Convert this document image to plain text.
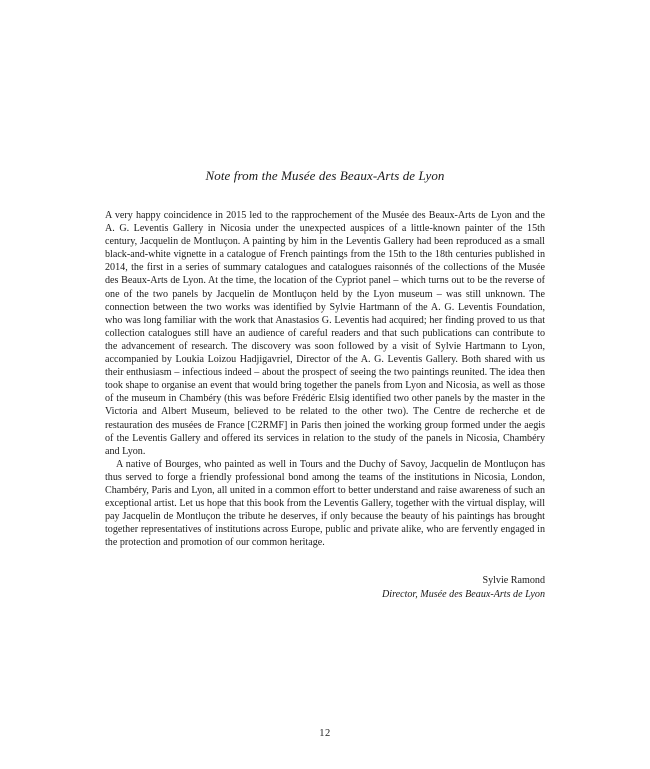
Note from the Musée des Beaux-Arts de Lyon

A very happy coincidence in 2015 led to the rapprochement of the Musée des Beaux-Arts de Lyon and the A. G. Leventis Gallery in Nicosia under the unexpected auspices of a little-known painter of the 15th century, Jacquelin de Montluçon. A painting by him in the Leventis Gallery had been reproduced as a small black-and-white vignette in a catalogue of French paintings from the 15th to the 18th centuries published in 2014, the first in a series of summary catalogues and catalogues raisonnés of the collections of the Musée des Beaux-Arts de Lyon. At the time, the location of the Cypriot panel – which turns out to be the reverse of one of the two panels by Jacquelin de Montluçon held by the Lyon museum – was still unknown. The connection between the two works was identified by Sylvie Hartmann of the A. G. Leventis Foundation, who was long familiar with the work that Anastasios G. Leventis had acquired; her finding proved to us that collection catalogues still have an audience of careful readers and that such publications can contribute to the advancement of research. The discovery was soon followed by a visit of Sylvie Hartmann to Lyon, accompanied by Loukia Loizou Hadjigavriel, Director of the A. G. Leventis Gallery. Both shared with us their enthusiasm – infectious indeed – about the prospect of seeing the two paintings reunited. The idea then took shape to organise an event that would bring together the panels from Lyon and Nicosia, as well as those of the museum in Chambéry (this was before Frédéric Elsig identified two other panels by the master in the Victoria and Albert Museum, believed to be related to the other two). The Centre de recherche et de restauration des musées de France [C2RMF] in Paris then joined the working group formed under the aegis of the Leventis Gallery and offered its services in relation to the study of the panels in Nicosia, Chambéry and Lyon.

A native of Bourges, who painted as well in Tours and the Duchy of Savoy, Jacquelin de Montluçon has thus served to forge a friendly professional bond among the teams of the institutions in Nicosia, London, Chambéry, Paris and Lyon, all united in a common effort to better understand and raise awareness of such an exceptional artist. Let us hope that this book from the Leventis Gallery, together with the virtual display, will pay Jacquelin de Montluçon the tribute he deserves, if only because the beauty of his paintings has brought together representatives of institutions across Europe, public and private alike, who are fervently engaged in the protection and promotion of our common heritage.

Sylvie Ramond
Director, Musée des Beaux-Arts de Lyon
12
